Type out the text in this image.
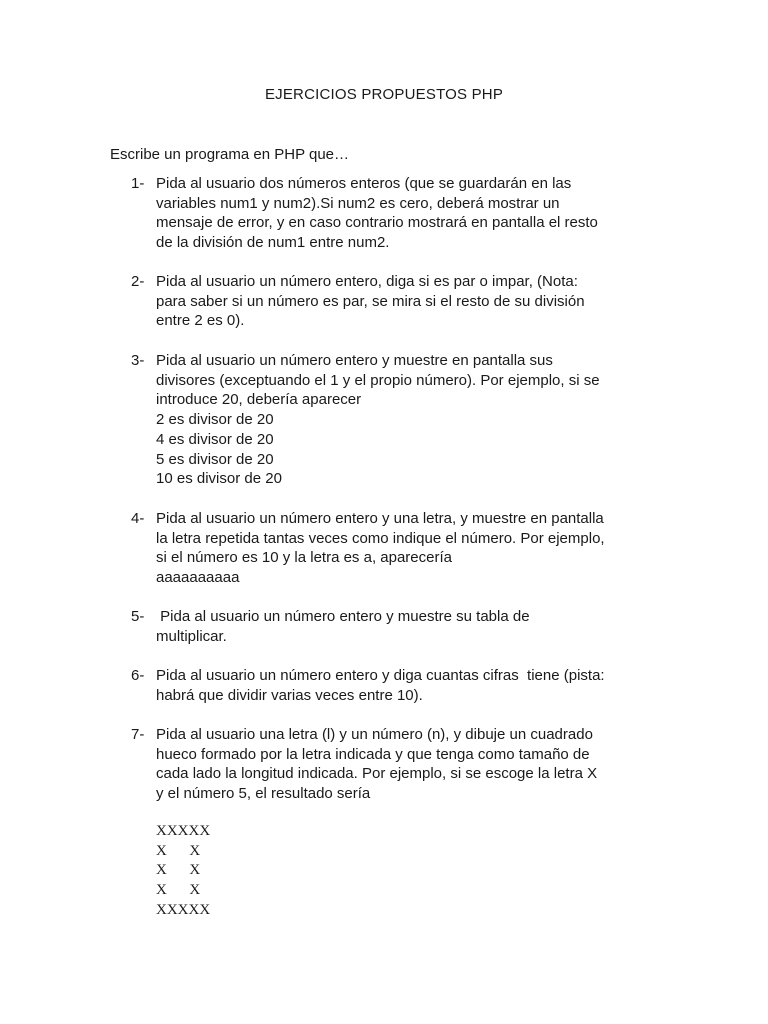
EJERCICIOS PROPUESTOS PHP
Escribe un programa en PHP que…
1- Pida al usuario dos números enteros (que se guardarán en las
variables num1 y num2).Si num2 es cero, deberá mostrar un
mensaje de error, y en caso contrario mostrará en pantalla el resto
de la división de num1 entre num2.
2- Pida al usuario un número entero, diga si es par o impar, (Nota:
para saber si un número es par, se mira si el resto de su división
entre 2 es 0).
3- Pida al usuario un número entero y muestre en pantalla sus
divisores (exceptuando el 1 y el propio número). Por ejemplo, si se
introduce 20, debería aparecer
2 es divisor de 20
4 es divisor de 20
5 es divisor de 20
10 es divisor de 20
4- Pida al usuario un número entero y una letra, y muestre en pantalla
la letra repetida tantas veces como indique el número. Por ejemplo,
si el número es 10 y la letra es a, aparecería
aaaaaaaaaa
5- Pida al usuario un número entero y muestre su tabla de
multiplicar.
6- Pida al usuario un número entero y diga cuantas cifras  tiene (pista:
habrá que dividir varias veces entre 10).
7- Pida al usuario una letra (l) y un número (n), y dibuje un cuadrado
hueco formado por la letra indicada y que tenga como tamaño de
cada lado la longitud indicada. Por ejemplo, si se escoge la letra X
y el número 5, el resultado sería
XXXXX
X      X
X      X
X      X
XXXXX
